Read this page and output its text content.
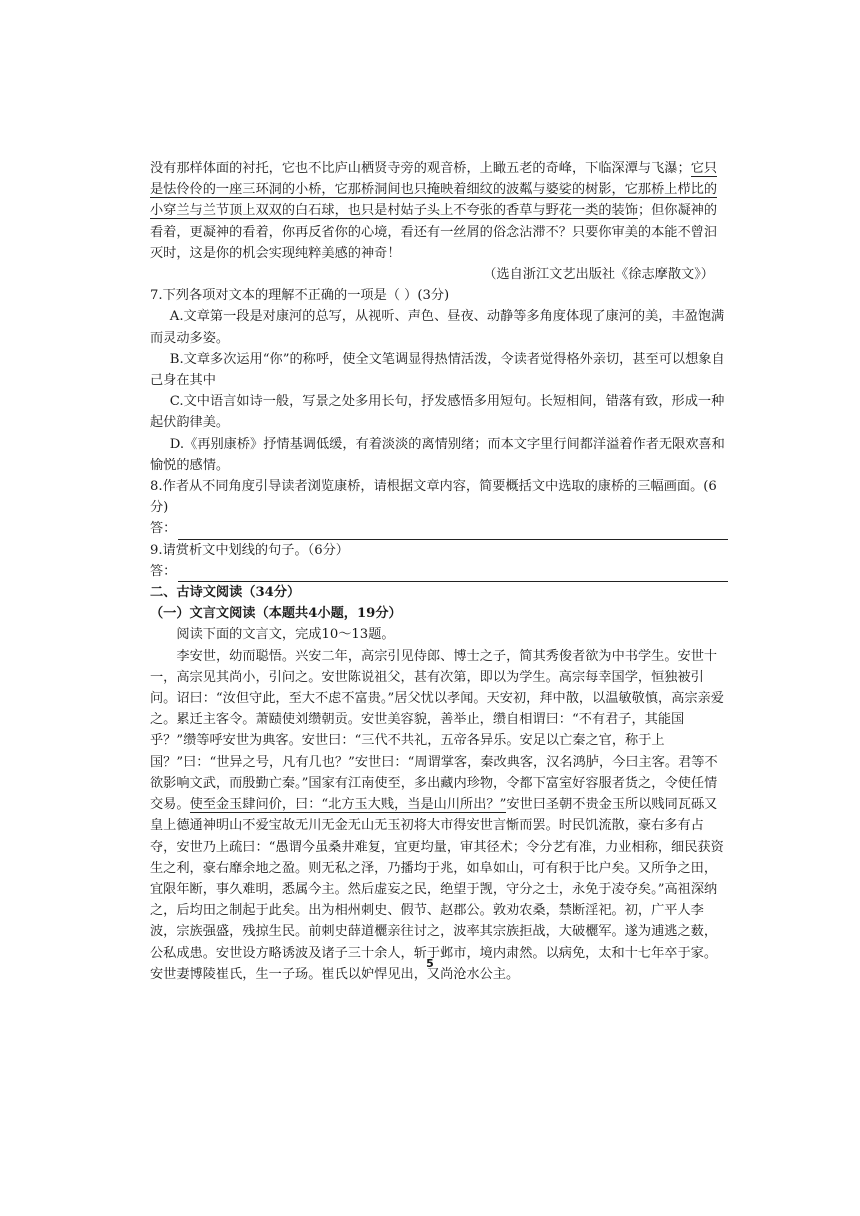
没有那样体面的衬托，它也不比庐山栖贤寺旁的观音桥，上瞰五老的奇峰，下临深潭与飞瀑；它只是怯伶伶的一座三环洞的小桥，它那桥洞间也只掩映着细纹的波粼与婆娑的树影，它那桥上栉比的小穿兰与兰节顶上双双的白石球，也只是村姑子头上不夸张的香草与野花一类的装饰；但你凝神的看着，更凝神的看着，你再反省你的心境，看还有一丝屑的俗念沾滞不？只要你审美的本能不曾汩灭时，这是你的机会实现纯粹美感的神奇！

（选自浙江文艺出版社《徐志摩散文》）

7.下列各项对文本的理解不正确的一项是（ ）(3分)

A.文章第一段是对康河的总写，从视听、声色、昼夜、动静等多角度体现了康河的美，丰盈饱满而灵动多姿。

B.文章多次运用“你”的称呼，使全文笔调显得热情活泼，令读者觉得格外亲切，甚至可以想象自己身在其中

C.文中语言如诗一般，写景之处多用长句，抒发感悟多用短句。长短相间，错落有致，形成一种起伏韵律美。

D.《再别康桥》抒情基调低缓，有着淡淡的离情别绪；而本文字里行间都洋溢着作者无限欢喜和愉悦的感情。

8.作者从不同角度引导读者浏览康桥，请根据文章内容，简要概括文中选取的康桥的三幅画面。(6分)

答：

9.请赏析文中划线的句子。（6分）

答：

二、古诗文阅读（34分）

（一）文言文阅读（本题共4小题，19分）

阅读下面的文言文，完成10～13题。

李安世，幼而聪悟。兴安二年，高宗引见侍郎、博士之子，简其秀俊者欲为中书学生。安世十一，高宗见其尚小，引问之。安世陈说祖父，甚有次第，即以为学生。高宗每幸国学，恒独被引问。诏曰：“汝但守此，至大不虑不富贵。”居父忧以孝闻。天安初，拜中散，以温敏敬慎，高宗亲爱之。累迁主客令。萧赜使刘缵朝贡。安世美容貌，善举止，缵自相谓曰：“不有君子，其能国乎？”缵等呼安世为典客。安世曰：“三代不共礼，五帝各异乐。安足以亡秦之官，称于上国？”曰：“世异之号，凡有几也？”安世曰：“周谓掌客，秦改典客，汉名鸿胪，今曰主客。君等不欲影响文武，而殷勤亡秦。”国家有江南使至，多出藏内珍物，令都下富室好容服者货之，令使任情交易。使至金玉肆问价，曰：“北方玉大贱，当是山川所出？”安世曰圣朝不贵金玉所以贱同瓦砾又皇上德通神明山不爱宝故无川无金无山无玉初将大市得安世言惭而罢。时民饥流散，豪右多有占夺，安世乃上疏曰：“愚谓今虽桑井难复，宜更均量，审其径术；令分艺有准，力业相称，细民获资生之利，豪右靡余地之盈。则无私之泽，乃播均于兆，如阜如山，可有积于比户矣。又所争之田，宜限年断，事久难明，悉属今主。然后虚妄之民，绝望于觊，守分之士，永免于凌夺矣。”高祖深纳之，后均田之制起于此矣。出为相州刺史、假节、赵郡公。敦劝农桑，禁断淫祀。初，广平人李波，宗族强盛，残掠生民。前刺史薛道欐亲往讨之，波率其宗族拒战，大破欐军。遂为逋逃之薮，公私成患。安世设方略诱波及诸子三十余人，斩于邺市，境内肃然。以病免，太和十七年卒于家。安世妻博陵崔氏，生一子玚。崔氏以妒悍见出，又尚沧水公主。

5
